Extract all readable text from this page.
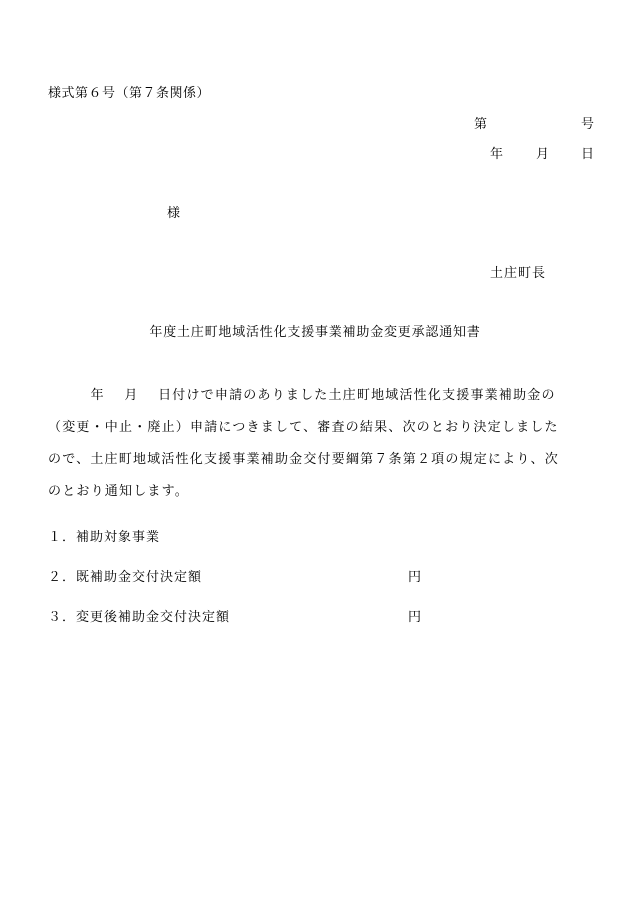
様式第６号（第７条関係）
第	号
年	月 日
様
土庄町長
年度土庄町地域活性化支援事業補助金変更承認通知書
　　　年　 月　 日付けで申請のありました土庄町地域活性化支援事業補助金の
（変更・中止・廃止）申請につきまして、審査の結果、次のとおり決定しました
ので、土庄町地域活性化支援事業補助金交付要綱第７条第２項の規定により、次
のとおり通知します。
１．補助対象事業
２．既補助金交付決定額	円
３．変更後補助金交付決定額	円
